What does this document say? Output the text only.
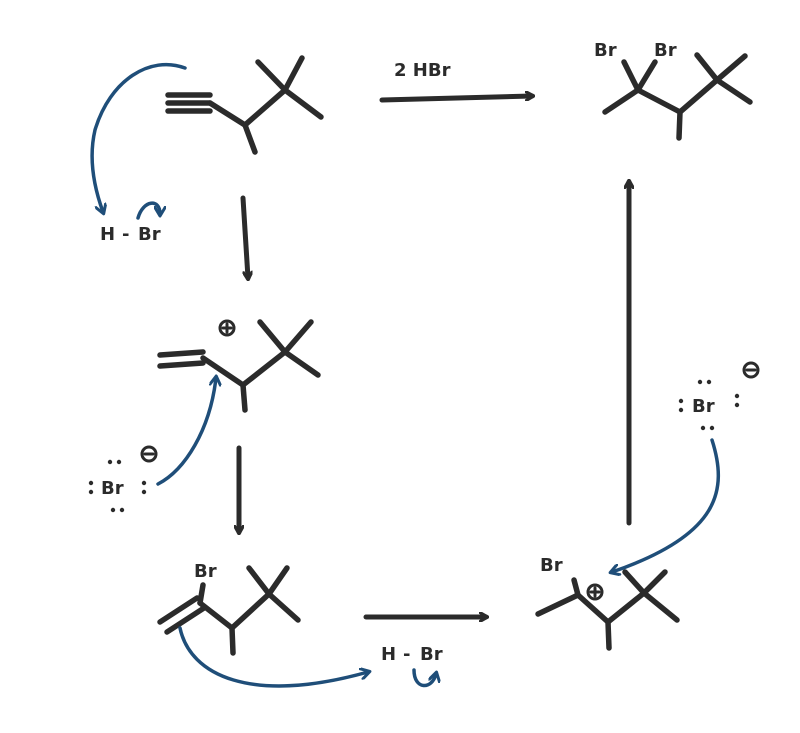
H - Br
2 HBr
Br
Br
H - Br
Br
Br
Br Br
